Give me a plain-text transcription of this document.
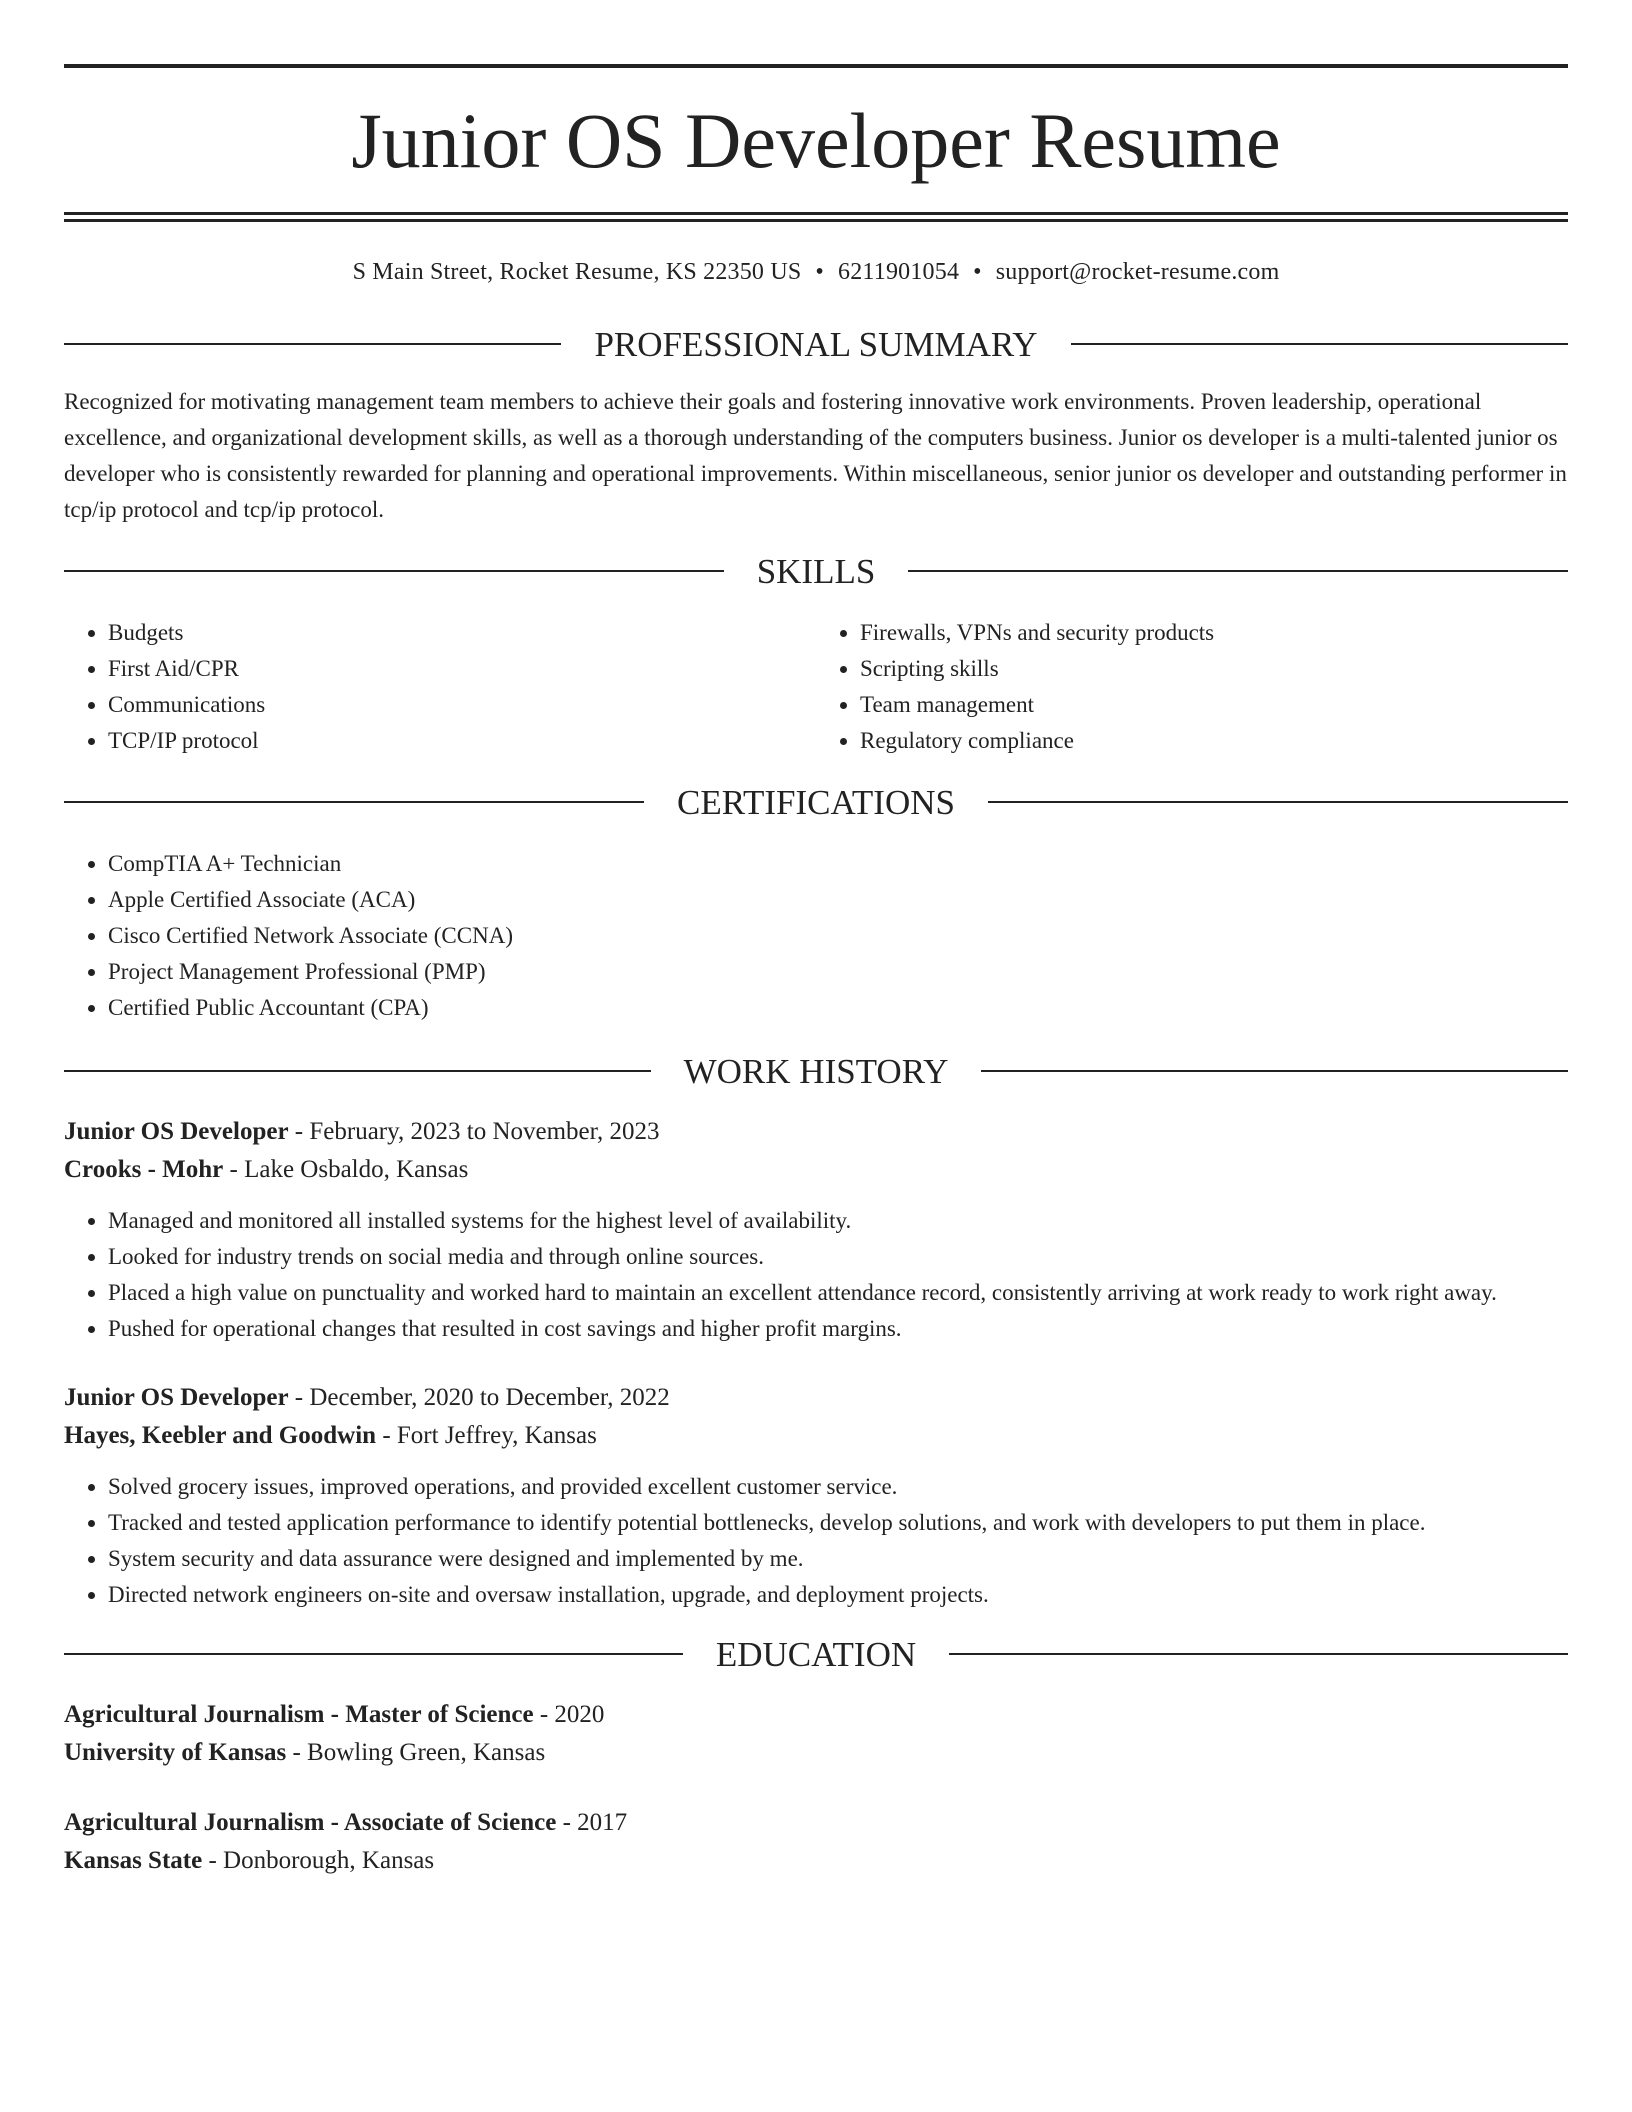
Junior OS Developer Resume
S Main Street, Rocket Resume, KS 22350 US • 6211901054 • support@rocket-resume.com
PROFESSIONAL SUMMARY

Recognized for motivating management team members to achieve their goals and fostering innovative work environments. Proven leadership, operational excellence, and organizational development skills, as well as a thorough understanding of the computers business. Junior os developer is a multi-talented junior os developer who is consistently rewarded for planning and operational improvements. Within miscellaneous, senior junior os developer and outstanding performer in tcp/ip protocol and tcp/ip protocol.

SKILLS
• Budgets
• First Aid/CPR
• Communications
• TCP/IP protocol
• Firewalls, VPNs and security products
• Scripting skills
• Team management
• Regulatory compliance
CERTIFICATIONS
• CompTIA A+ Technician
• Apple Certified Associate (ACA)
• Cisco Certified Network Associate (CCNA)
• Project Management Professional (PMP)
• Certified Public Accountant (CPA)
WORK HISTORY
Junior OS Developer - February, 2023 to November, 2023
Crooks - Mohr - Lake Osbaldo, Kansas
• Managed and monitored all installed systems for the highest level of availability.
• Looked for industry trends on social media and through online sources.
• Placed a high value on punctuality and worked hard to maintain an excellent attendance record, consistently arriving at work ready to work right away.
• Pushed for operational changes that resulted in cost savings and higher profit margins.
Junior OS Developer - December, 2020 to December, 2022
Hayes, Keebler and Goodwin - Fort Jeffrey, Kansas
• Solved grocery issues, improved operations, and provided excellent customer service.
• Tracked and tested application performance to identify potential bottlenecks, develop solutions, and work with developers to put them in place.
• System security and data assurance were designed and implemented by me.
• Directed network engineers on-site and oversaw installation, upgrade, and deployment projects.
EDUCATION
Agricultural Journalism - Master of Science - 2020
University of Kansas - Bowling Green, Kansas
Agricultural Journalism - Associate of Science - 2017
Kansas State - Donborough, Kansas
